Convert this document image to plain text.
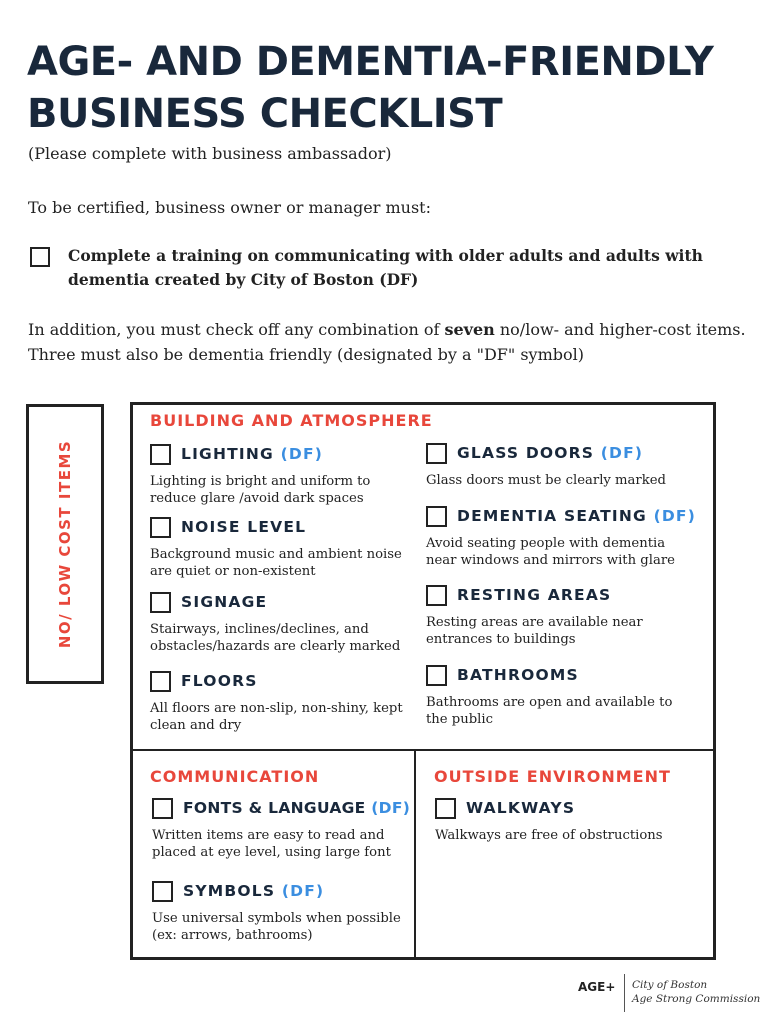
AGE- AND DEMENTIA-FRIENDLY
BUSINESS CHECKLIST
(Please complete with business ambassador)
To be certified, business owner or manager must:
Complete a training on communicating with older adults and adults with dementia created by City of Boston (DF)
In addition, you must check off any combination of seven no/low- and higher-cost items. Three must also be dementia friendly (designated by a "DF" symbol)
NO/ LOW COST ITEMS
BUILDING AND ATMOSPHERE
LIGHTING (DF)
Lighting is bright and uniform to reduce glare /avoid dark spaces
NOISE LEVEL
Background music and ambient noise are quiet or non-existent
SIGNAGE
Stairways, inclines/declines, and obstacles/hazards are clearly marked
FLOORS
All floors are non-slip, non-shiny, kept clean and dry
GLASS DOORS (DF)
Glass doors must be clearly marked
DEMENTIA SEATING (DF)
Avoid seating people with dementia near windows and mirrors with glare
RESTING AREAS
Resting areas are available near entrances to buildings
BATHROOMS
Bathrooms are open and available to the public
COMMUNICATION
FONTS & LANGUAGE (DF)
Written items are easy to read and placed at eye level, using large font
SYMBOLS (DF)
Use universal symbols when possible (ex: arrows, bathrooms)
OUTSIDE ENVIRONMENT
WALKWAYS
Walkways are free of obstructions
AGE+ City of Boston
Age Strong Commission
